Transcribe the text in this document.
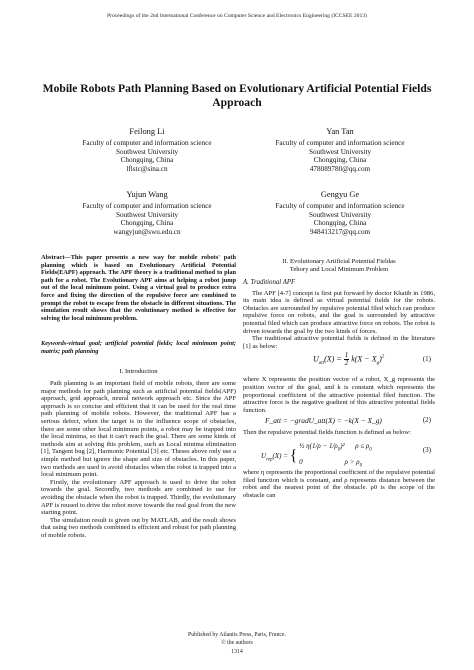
Proceedings of the 2nd International Conference on Computer Science and Electronics Engineering (ICCSEE 2013)
Mobile Robots Path Planning Based on Evolutionary Artificial Potential Fields Approach
Feilong Li
Faculty of computer and information science
Southwest University
Chongqing, China
lflstc@sina.cn
Yan Tan
Faculty of computer and information science
Southwest University
Chongqing, China
478089780@qq.com
Yujun Wang
Faculty of computer and information science
Southwest University
Chongqing, China
wangyjun@swu.edu.cn
Gengyu Ge
Faculty of computer and information science
Southwest University
Chongqing, China
948413217@qq.com
Abstract—This paper presents a new way for mobile robots' path planning which is based on Evolutionary Artificial Potential Fields(EAPF) approach. The APF theory is a traditional method to plan path for a robot. The Evolutionary APF aims at helping a robot jump out of the local minimum point. Using a virtual goal to produce extra force and fixing the direction of the repulsive force are combined to prompt the robot to escape from the obstacle in different situations. The simulation result shows that the evolutionary method is effective for solving the local minimum problem.
Keywords-virtual goal; artificial potential fields; local minimum point; matrix; path planning
I. Introduction

Path planning is an important field of mobile robots, there are some major methods for path planning such as artificial potential fields(APF) approach, grid approach, neural network approach etc. Since the APF approach is so concise and efficient that it can be used for the real time path planning of mobile robots. However, the traditional APF has a serious defect, when the target is in the influence scope of obstacles, there are some other local minimum points, a robot may be trapped into the local minima, so that it can't reach the goal. There are some kinds of methods aim at solving this problem, such as Local minima elimination [1], Tangent bug [2], Harmonic Potential [3] etc. Theses above only use a simple method but ignore the shape and size of obstacles. In this paper, two methods are used to avoid obstacles when the robot is trapped into a local minimum point.

Firstly, the evolutionary APF approach is used to drive the robot towards the goal. Secondly, two methods are combined to use for avoiding the obstacle when the robot is trapped. Thirdly, the evolutionary APF is reused to drive the robot move towards the real goal from the new starting point.

The simulation result is given out by MATLAB, and the result shows that using two methods combined is efficient and robust for path planning of mobile robots.

II. Evolutionary Artificial Potential Fieldas
Tehory and Local Minimum Problem
A. Traditional APF

The APF [4-7] concept is first put forward by doctor Khatib in 1986, its main idea is defined as virtual potential fields for the robots. Obstacles are surrounded by repulsive potential filed which can produce repulsive force on robots, and the goal is surrounded by attractive potential filed which can produce attractive force on robots. The robot is driven towards the goal by the two kinds of forces.

The traditional attractive potential fields is defined in the literature [1] as below:

$U_{att}(X) = \frac{1}{2} k(X - X_g)^2$	(1)

where X represents the position vector of a robot, X_g represents the position vector of the goal, and k is constant which represents the proportional coefficient of the attractive potential filed function. The attractive force is the negative gradient of this attractive potential fields function.

F_att = −gradU_att(X) = −k(X − X_g)	(2)

Then the repulsive potential fields function is defined as below:

$U_{rep}(X)$ = {
½ $\eta(1/\rho - 1/\rho_0)^2$      $\rho \le \rho_0$
0                        $\rho > \rho_0$
(3)

where η represents the proportional coefficient of the repulsive potential filed function which is constant, and ρ represents distance between the robot and the nearest point of the obstacle. ρ0 is the scope of the obstacle can

Published by Atlantis Press, Paris, France.
© the authors
1314
